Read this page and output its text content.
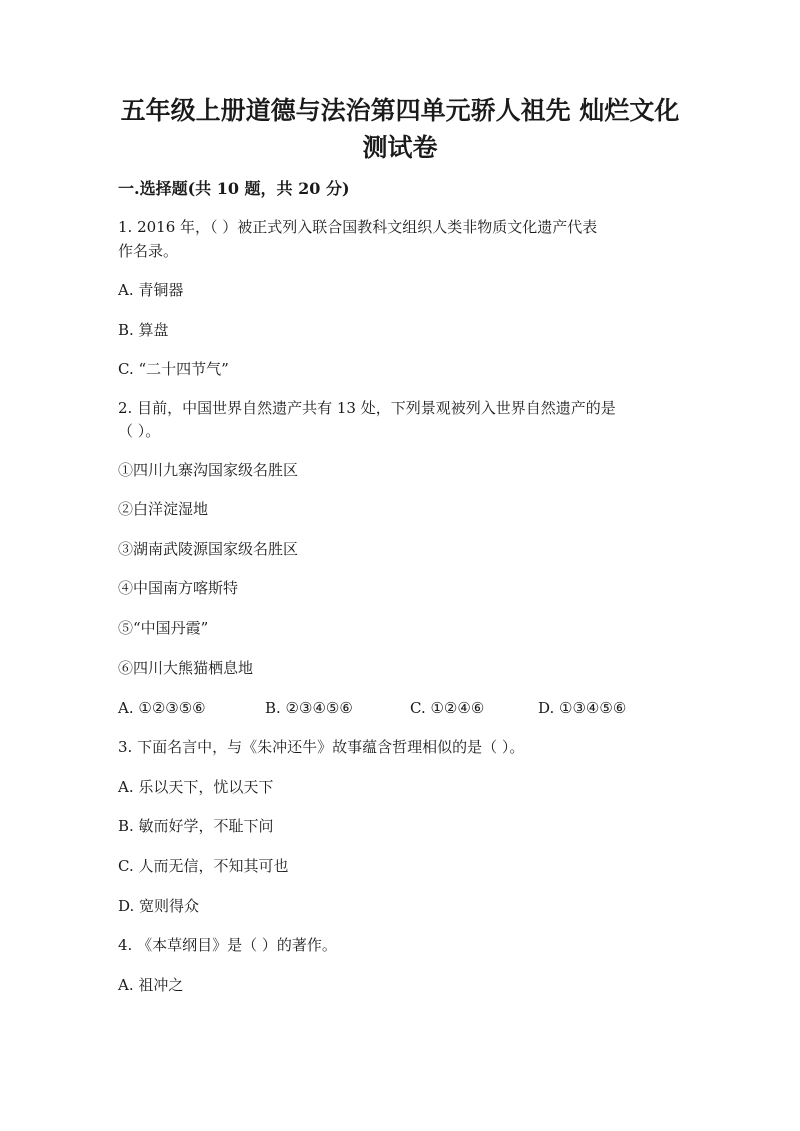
五年级上册道德与法治第四单元骄人祖先 灿烂文化
测试卷
一.选择题(共 10 题，共 20 分)
1. 2016 年，（ ）被正式列入联合国教科文组织人类非物质文化遗产代表
作名录。
A. 青铜器
B. 算盘
C. “二十四节气”
2. 目前，中国世界自然遗产共有 13 处，下列景观被列入世界自然遗产的是
（ ）。
①四川九寨沟国家级名胜区
②白洋淀湿地
③湖南武陵源国家级名胜区
④中国南方喀斯特
⑤“中国丹霞”
⑥四川大熊猫栖息地
A. ①②③⑤⑥	B. ②③④⑤⑥	C. ①②④⑥	D. ①③④⑤⑥
3. 下面名言中，与《朱冲还牛》故事蕴含哲理相似的是（ ）。
A. 乐以天下，忧以天下
B. 敏而好学，不耻下问
C. 人而无信，不知其可也
D. 宽则得众
4. 《本草纲目》是（ ）的著作。
A. 祖冲之
